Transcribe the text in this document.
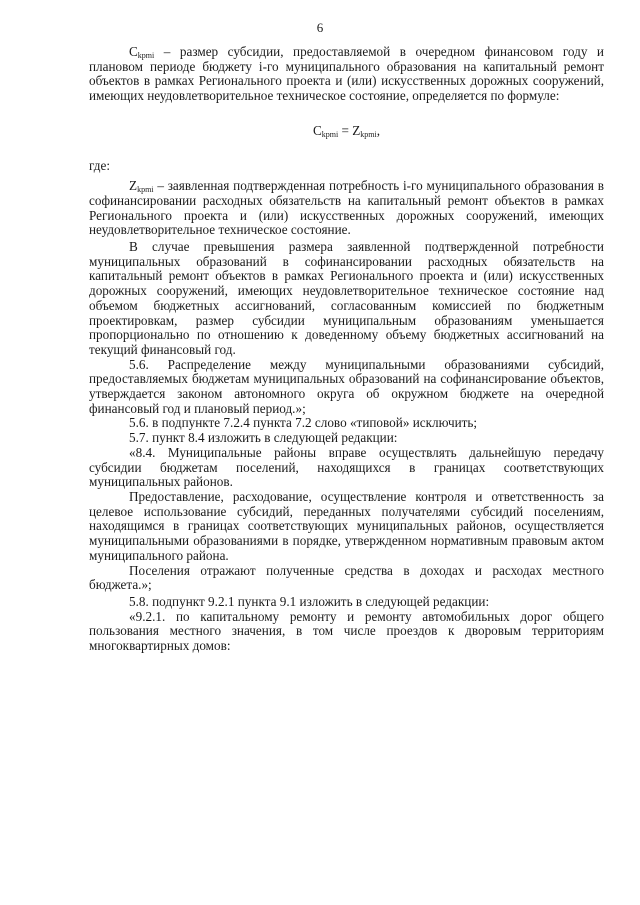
6

$C_{kpmi}$ – размер субсидии, предоставляемой в очередном финансовом году и плановом периоде бюджету i-го муниципального образования на капитальный ремонт объектов в рамках Регионального проекта и (или) искусственных дорожных сооружений, имеющих неудовлетворительное техническое состояние, определяется по формуле:

$C_{kpmi} = Z_{kpmi}$,

где:

$Z_{kpmi}$ – заявленная подтвержденная потребность i-го муниципального образования в софинансировании расходных обязательств на капитальный ремонт объектов в рамках Регионального проекта и (или) искусственных дорожных сооружений, имеющих неудовлетворительное техническое состояние.

В случае превышения размера заявленной подтвержденной потребности муниципальных образований в софинансировании расходных обязательств на капитальный ремонт объектов в рамках Регионального проекта и (или) искусственных дорожных сооружений, имеющих неудовлетворительное техническое состояние над объемом бюджетных ассигнований, согласованным комиссией по бюджетным проектировкам, размер субсидии муниципальным образованиям уменьшается пропорционально по отношению к доведенному объему бюджетных ассигнований на текущий финансовый год.

5.6. Распределение между муниципальными образованиями субсидий, предоставляемых бюджетам муниципальных образований на софинансирование объектов, утверждается законом автономного округа об окружном бюджете на очередной финансовый год и плановый период.»;

5.6. в подпункте 7.2.4 пункта 7.2 слово «типовой» исключить;

5.7. пункт 8.4 изложить в следующей редакции:

«8.4. Муниципальные районы вправе осуществлять дальнейшую передачу субсидии бюджетам поселений, находящихся в границах соответствующих муниципальных районов.

Предоставление, расходование, осуществление контроля и ответственность за целевое использование субсидий, переданных получателями субсидий поселениям, находящимся в границах соответствующих муниципальных районов, осуществляется муниципальными образованиями в порядке, утвержденном нормативным правовым актом муниципального района.

Поселения отражают полученные средства в доходах и расходах местного бюджета.»;

5.8. подпункт 9.2.1 пункта 9.1 изложить в следующей редакции:

«9.2.1. по капитальному ремонту и ремонту автомобильных дорог общего пользования местного значения, в том числе проездов к дворовым территориям многоквартирных домов:
